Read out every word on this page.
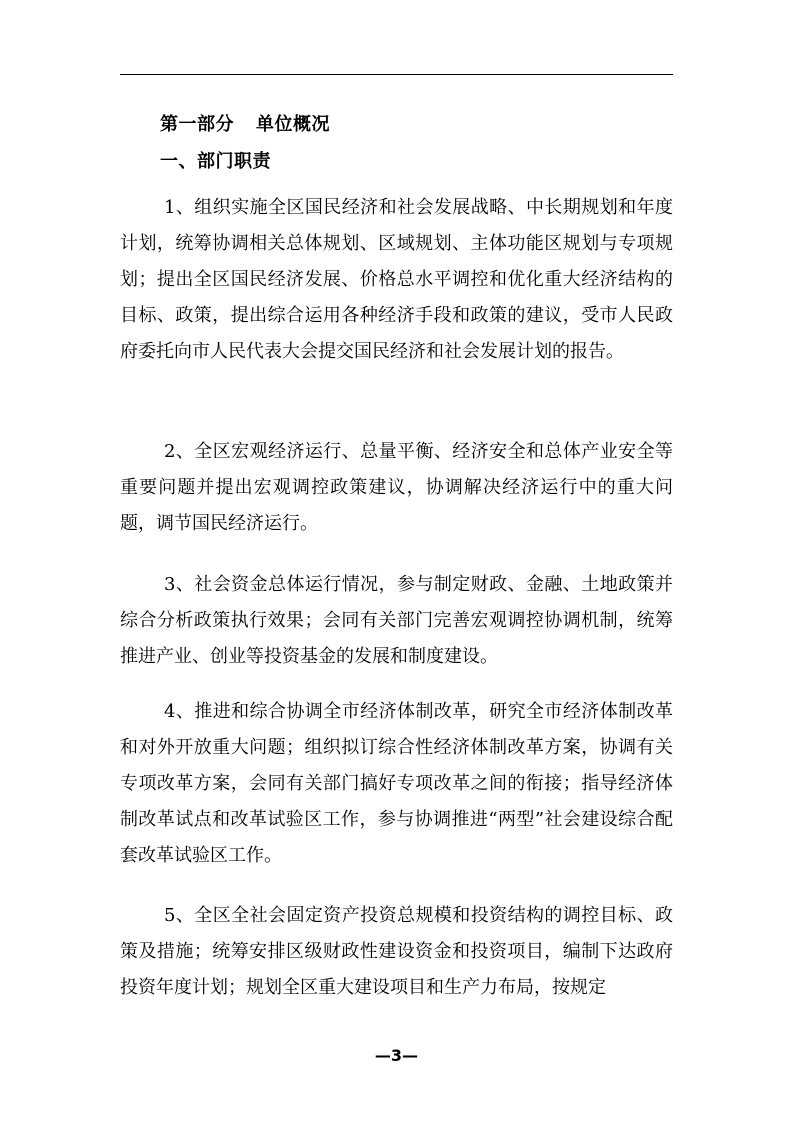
第一部分 单位概况
一、部门职责

1、组织实施全区国民经济和社会发展战略、中长期规划和年度计划，统筹协调相关总体规划、区域规划、主体功能区规划与专项规划；提出全区国民经济发展、价格总水平调控和优化重大经济结构的目标、政策，提出综合运用各种经济手段和政策的建议，受市人民政府委托向市人民代表大会提交国民经济和社会发展计划的报告。

2、全区宏观经济运行、总量平衡、经济安全和总体产业安全等重要问题并提出宏观调控政策建议，协调解决经济运行中的重大问题，调节国民经济运行。

3、社会资金总体运行情况，参与制定财政、金融、土地政策并综合分析政策执行效果；会同有关部门完善宏观调控协调机制，统筹推进产业、创业等投资基金的发展和制度建设。

4、推进和综合协调全市经济体制改革，研究全市经济体制改革和对外开放重大问题；组织拟订综合性经济体制改革方案，协调有关专项改革方案，会同有关部门搞好专项改革之间的衔接；指导经济体制改革试点和改革试验区工作，参与协调推进“两型”社会建设综合配套改革试验区工作。

5、全区全社会固定资产投资总规模和投资结构的调控目标、政策及措施；统筹安排区级财政性建设资金和投资项目，编制下达政府投资年度计划；规划全区重大建设项目和生产力布局，按规定

—3—
